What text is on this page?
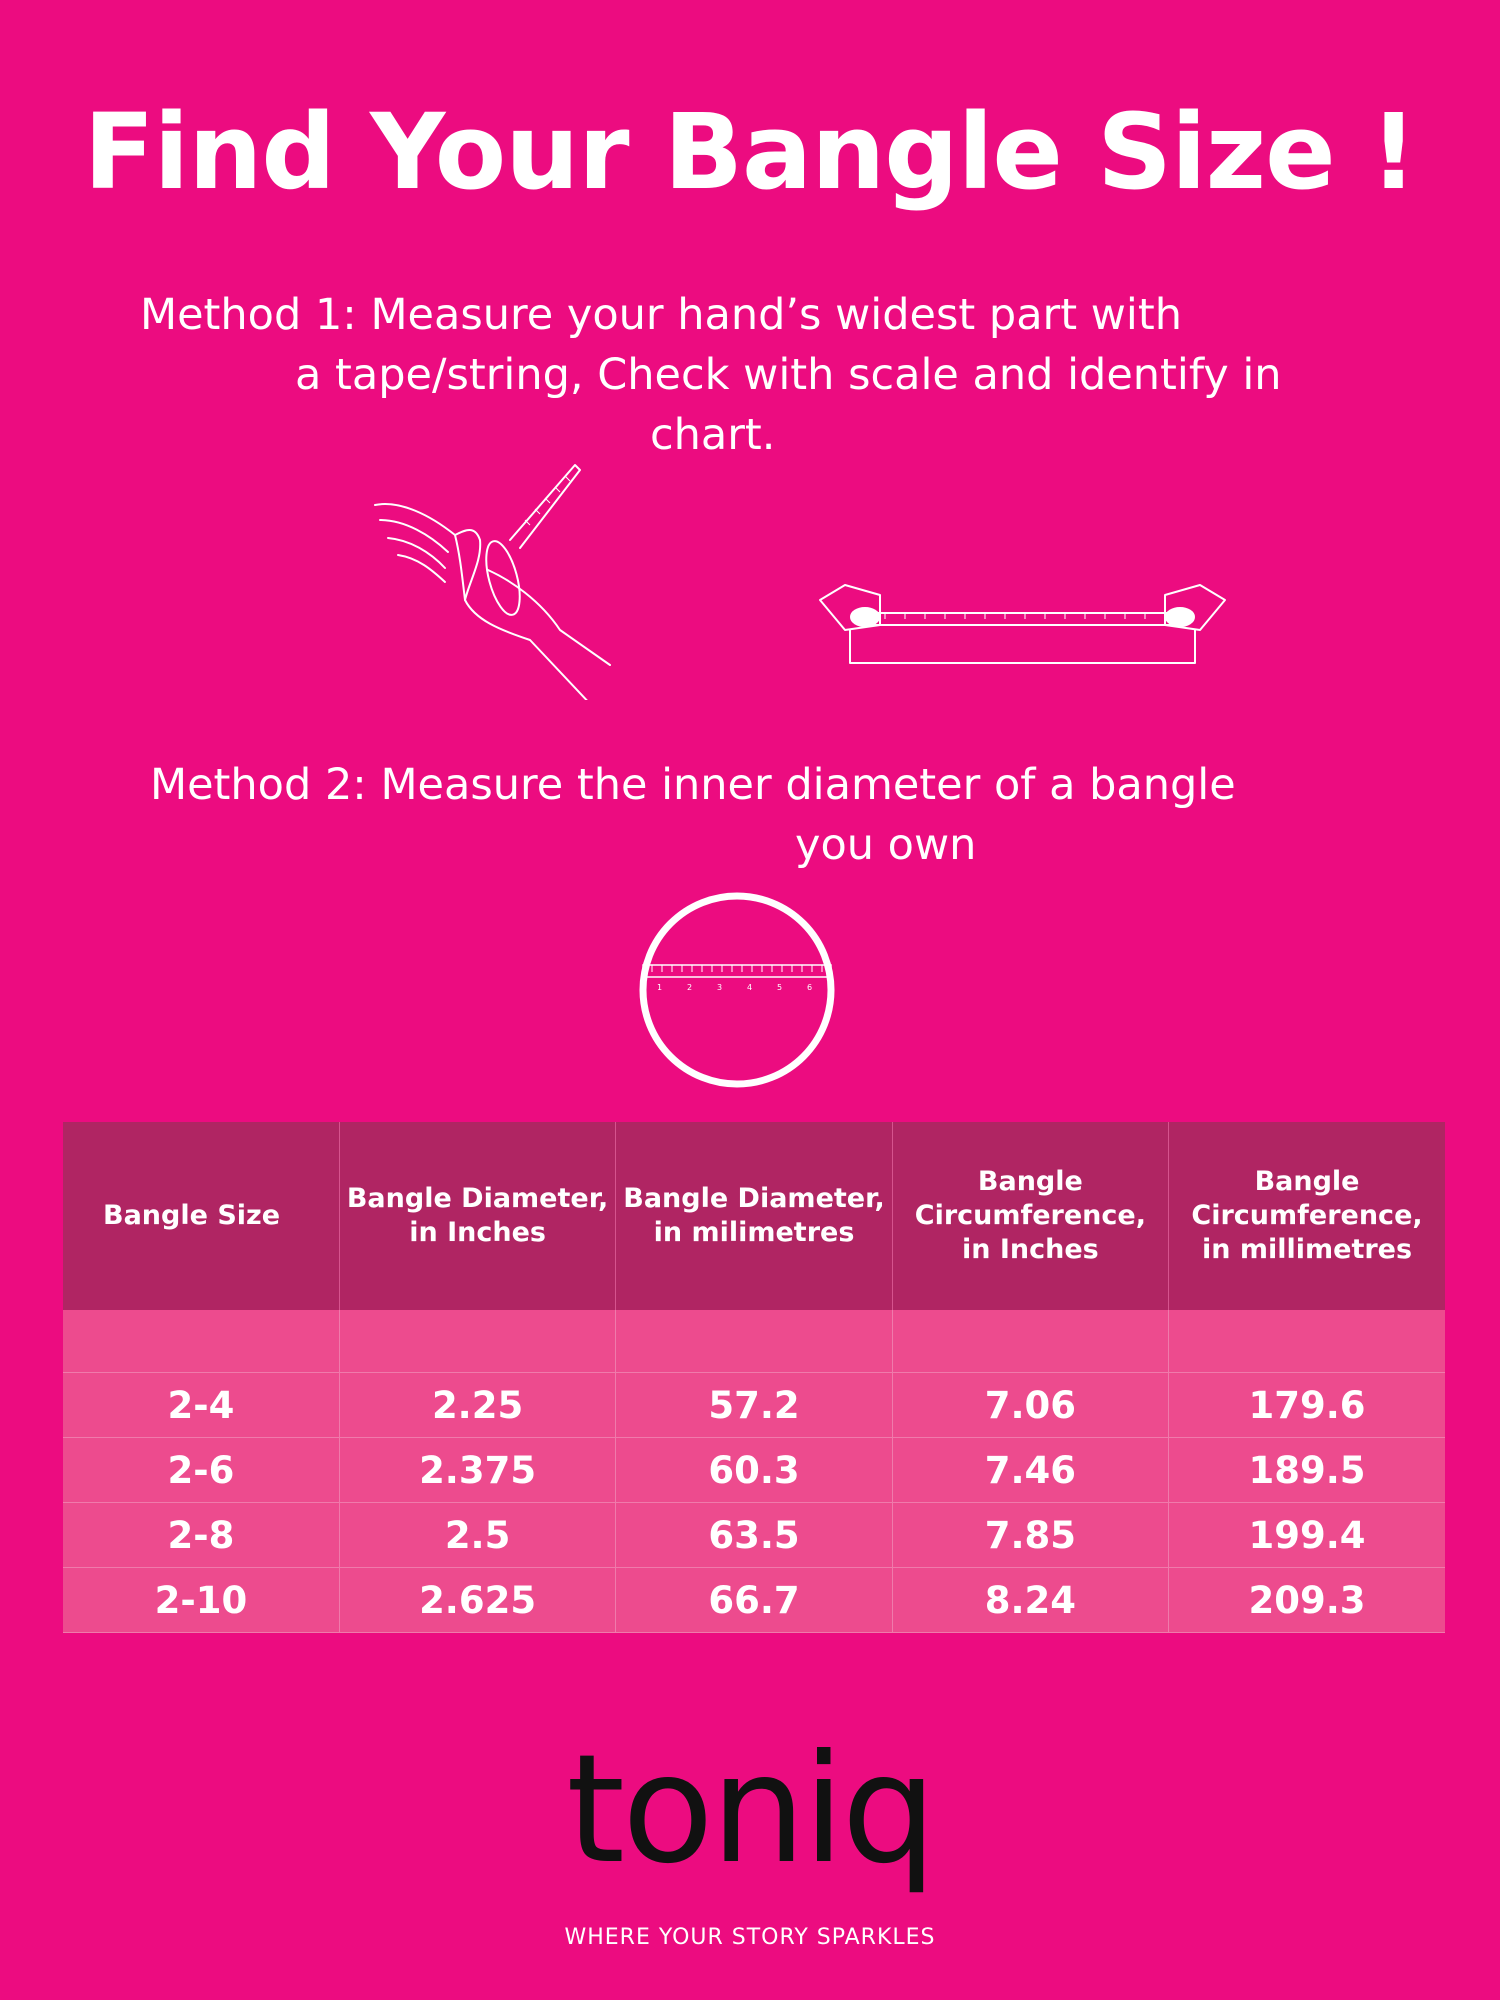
Find Your Bangle Size !
Method 1: Measure your hand’s widest part with
a tape/string, Check with scale and identify in
chart.
Method 2: Measure the inner diameter of a bangle
you own
1	2	3	4	5	6
Bangle Size	Bangle Diameter, in Inches	Bangle Diameter, in milimetres	Bangle Circumference, in Inches	Bangle Circumference, in millimetres

2-4	2.25	57.2	7.06	179.6
2-6	2.375	60.3	7.46	189.5
2-8	2.5	63.5	7.85	199.4
2-10	2.625	66.7	8.24	209.3
toniq
WHERE YOUR STORY SPARKLES
